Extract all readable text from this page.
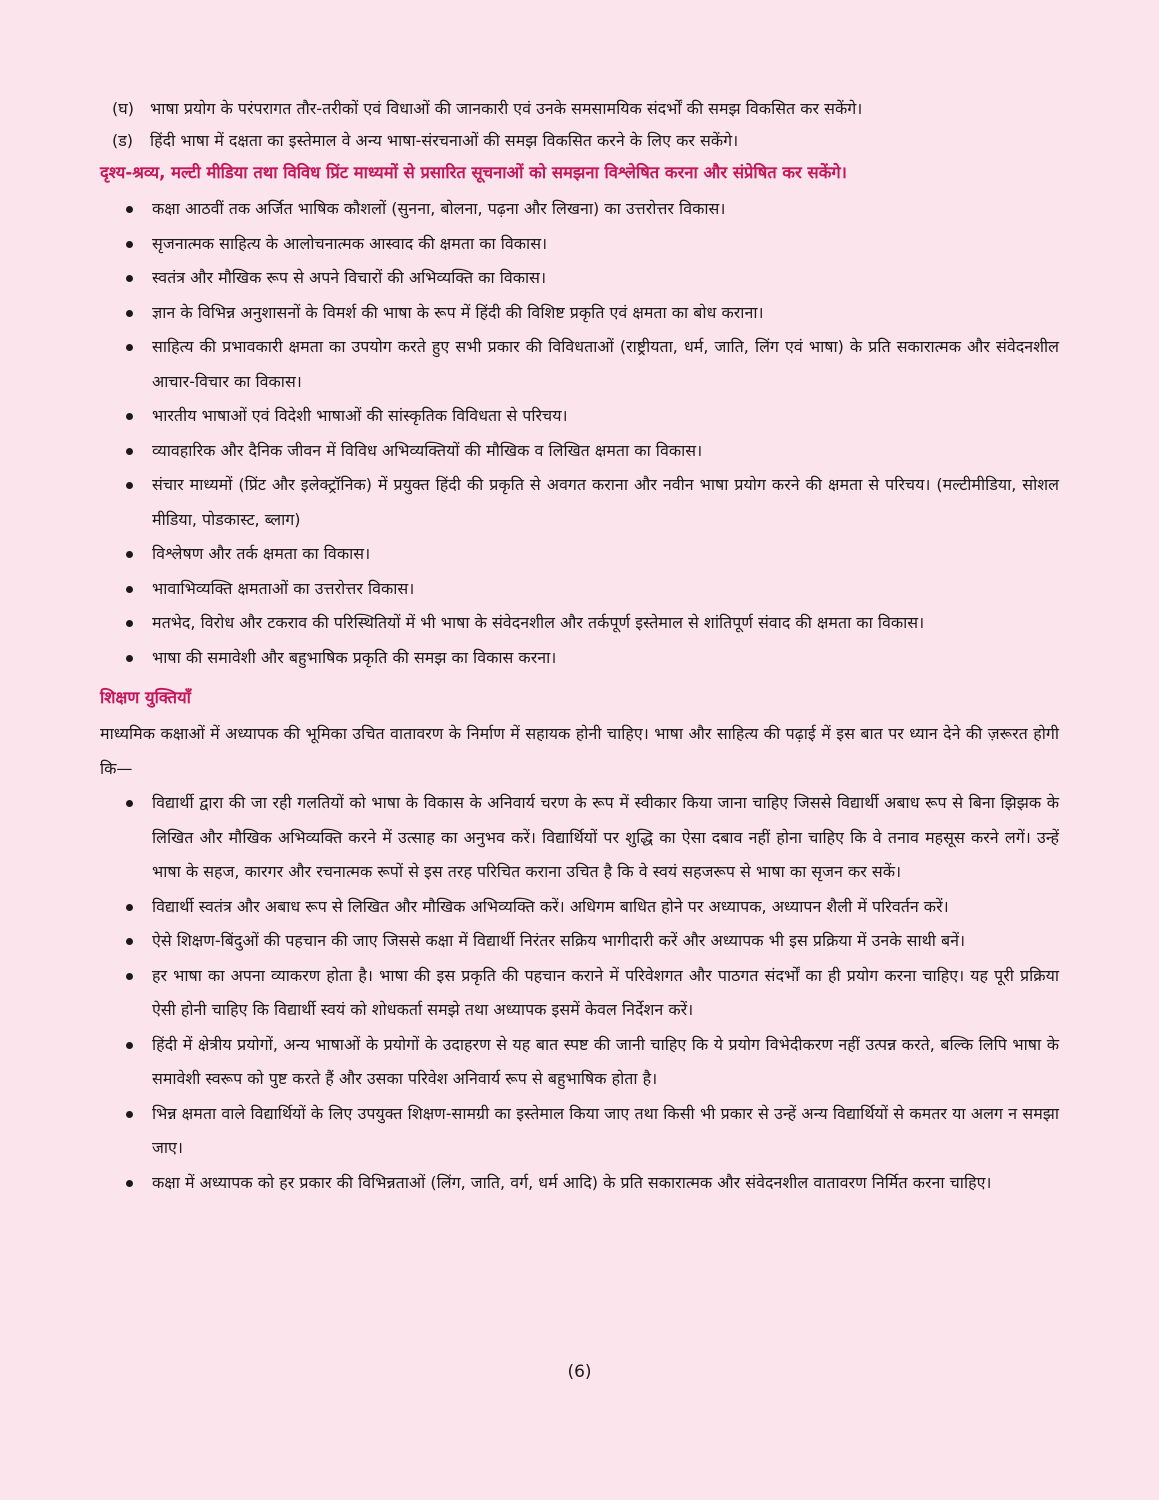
(घ) भाषा प्रयोग के परंपरागत तौर-तरीकों एवं विधाओं की जानकारी एवं उनके समसामयिक संदर्भों की समझ विकसित कर सकेंगे।
(ड) हिंदी भाषा में दक्षता का इस्तेमाल वे अन्य भाषा-संरचनाओं की समझ विकसित करने के लिए कर सकेंगे।
दृश्य-श्रव्य, मल्टी मीडिया तथा विविध प्रिंट माध्यमों से प्रसारित सूचनाओं को समझना विश्लेषित करना और संप्रेषित कर सकेंगे।
कक्षा आठवीं तक अर्जित भाषिक कौशलों (सुनना, बोलना, पढ़ना और लिखना) का उत्तरोत्तर विकास।
सृजनात्मक साहित्य के आलोचनात्मक आस्वाद की क्षमता का विकास।
स्वतंत्र और मौखिक रूप से अपने विचारों की अभिव्यक्ति का विकास।
ज्ञान के विभिन्न अनुशासनों के विमर्श की भाषा के रूप में हिंदी की विशिष्ट प्रकृति एवं क्षमता का बोध कराना।
साहित्य की प्रभावकारी क्षमता का उपयोग करते हुए सभी प्रकार की विविधताओं (राष्ट्रीयता, धर्म, जाति, लिंग एवं भाषा) के प्रति सकारात्मक और संवेदनशील आचार-विचार का विकास।
भारतीय भाषाओं एवं विदेशी भाषाओं की सांस्कृतिक विविधता से परिचय।
व्यावहारिक और दैनिक जीवन में विविध अभिव्यक्तियों की मौखिक व लिखित क्षमता का विकास।
संचार माध्यमों (प्रिंट और इलेक्ट्रॉनिक) में प्रयुक्त हिंदी की प्रकृति से अवगत कराना और नवीन भाषा प्रयोग करने की क्षमता से परिचय। (मल्टीमीडिया, सोशल मीडिया, पोडकास्ट, ब्लाग)
विश्लेषण और तर्क क्षमता का विकास।
भावाभिव्यक्ति क्षमताओं का उत्तरोत्तर विकास।
मतभेद, विरोध और टकराव की परिस्थितियों में भी भाषा के संवेदनशील और तर्कपूर्ण इस्तेमाल से शांतिपूर्ण संवाद की क्षमता का विकास।
भाषा की समावेशी और बहुभाषिक प्रकृति की समझ का विकास करना।
शिक्षण युक्तियाँ
माध्यमिक कक्षाओं में अध्यापक की भूमिका उचित वातावरण के निर्माण में सहायक होनी चाहिए। भाषा और साहित्य की पढ़ाई में इस बात पर ध्यान देने की ज़रूरत होगी कि—
विद्यार्थी द्वारा की जा रही गलतियों को भाषा के विकास के अनिवार्य चरण के रूप में स्वीकार किया जाना चाहिए जिससे विद्यार्थी अबाध रूप से बिना झिझक के लिखित और मौखिक अभिव्यक्ति करने में उत्साह का अनुभव करें। विद्यार्थियों पर शुद्धि का ऐसा दबाव नहीं होना चाहिए कि वे तनाव महसूस करने लगें। उन्हें भाषा के सहज, कारगर और रचनात्मक रूपों से इस तरह परिचित कराना उचित है कि वे स्वयं सहजरूप से भाषा का सृजन कर सकें।
विद्यार्थी स्वतंत्र और अबाध रूप से लिखित और मौखिक अभिव्यक्ति करें। अधिगम बाधित होने पर अध्यापक, अध्यापन शैली में परिवर्तन करें।
ऐसे शिक्षण-बिंदुओं की पहचान की जाए जिससे कक्षा में विद्यार्थी निरंतर सक्रिय भागीदारी करें और अध्यापक भी इस प्रक्रिया में उनके साथी बनें।
हर भाषा का अपना व्याकरण होता है। भाषा की इस प्रकृति की पहचान कराने में परिवेशगत और पाठगत संदर्भों का ही प्रयोग करना चाहिए। यह पूरी प्रक्रिया ऐसी होनी चाहिए कि विद्यार्थी स्वयं को शोधकर्ता समझे तथा अध्यापक इसमें केवल निर्देशन करें।
हिंदी में क्षेत्रीय प्रयोगों, अन्य भाषाओं के प्रयोगों के उदाहरण से यह बात स्पष्ट की जानी चाहिए कि ये प्रयोग विभेदीकरण नहीं उत्पन्न करते, बल्कि लिपि भाषा के समावेशी स्वरूप को पुष्ट करते हैं और उसका परिवेश अनिवार्य रूप से बहुभाषिक होता है।
भिन्न क्षमता वाले विद्यार्थियों के लिए उपयुक्त शिक्षण-सामग्री का इस्तेमाल किया जाए तथा किसी भी प्रकार से उन्हें अन्य विद्यार्थियों से कमतर या अलग न समझा जाए।
कक्षा में अध्यापक को हर प्रकार की विभिन्नताओं (लिंग, जाति, वर्ग, धर्म आदि) के प्रति सकारात्मक और संवेदनशील वातावरण निर्मित करना चाहिए।
(6)
